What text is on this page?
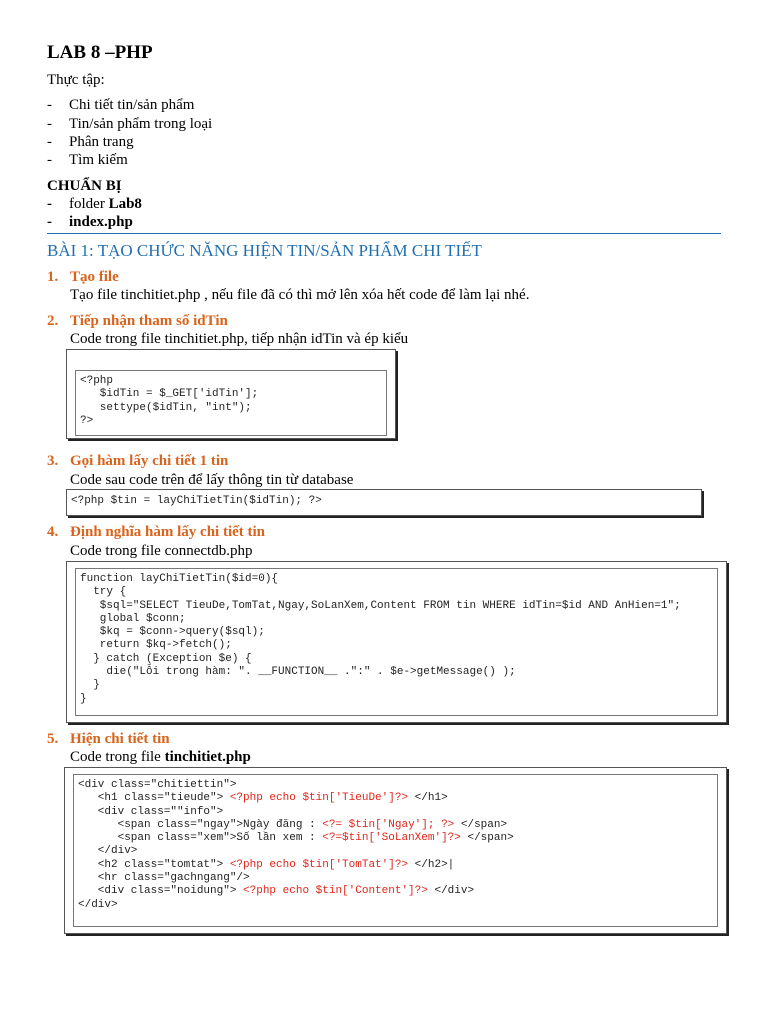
LAB 8 –PHP
Thực tập:
- Chi tiết tin/sản phẩm
- Tin/sản phẩm trong loại
- Phân trang
- Tìm kiếm
CHUẨN BỊ
- folder Lab8
- index.php
BÀI 1: TẠO CHỨC NĂNG HIỆN TIN/SẢN PHẨM CHI TIẾT
1. Tạo file
Tạo file tinchitiet.php , nếu file đã có thì mở lên xóa hết code để làm lại nhé.
2. Tiếp nhận tham số idTin
Code trong file tinchitiet.php, tiếp nhận idTin và ép kiểu
<?php
$idTin = $_GET['idTin'];
settype($idTin, "int");
?>
3. Gọi hàm lấy chi tiết 1 tin
Code sau code trên để lấy thông tin từ database
<?php $tin = layChiTietTin($idTin); ?>
4. Định nghĩa hàm lấy chi tiết tin
Code trong file connectdb.php
function layChiTietTin($id=0){
try {
$sql="SELECT TieuDe,TomTat,Ngay,SoLanXem,Content FROM tin WHERE idTin=$id AND AnHien=1";
global $conn;
$kq = $conn->query($sql);
return $kq->fetch();
} catch (Exception $e) {
die("Lỗi trong hàm: ". __FUNCTION__ .":" . $e->getMessage() );
}
}
5. Hiện chi tiết tin
Code trong file tinchitiet.php
<div class="chitiettin">
<h1 class="tieude"> <?php echo $tin['TieuDe']?> </h1>
<div class=""info">
<span class="ngay">Ngày đăng : <?= $tin['Ngay']; ?> </span>
<span class="xem">Số lần xem : <?=$tin['SoLanXem']?> </span>
</div>
<h2 class="tomtat"> <?php echo $tin['TomTat']?> </h2>|
<hr class="gachngang"/>
<div class="noidung"> <?php echo $tin['Content']?> </div>
</div>
